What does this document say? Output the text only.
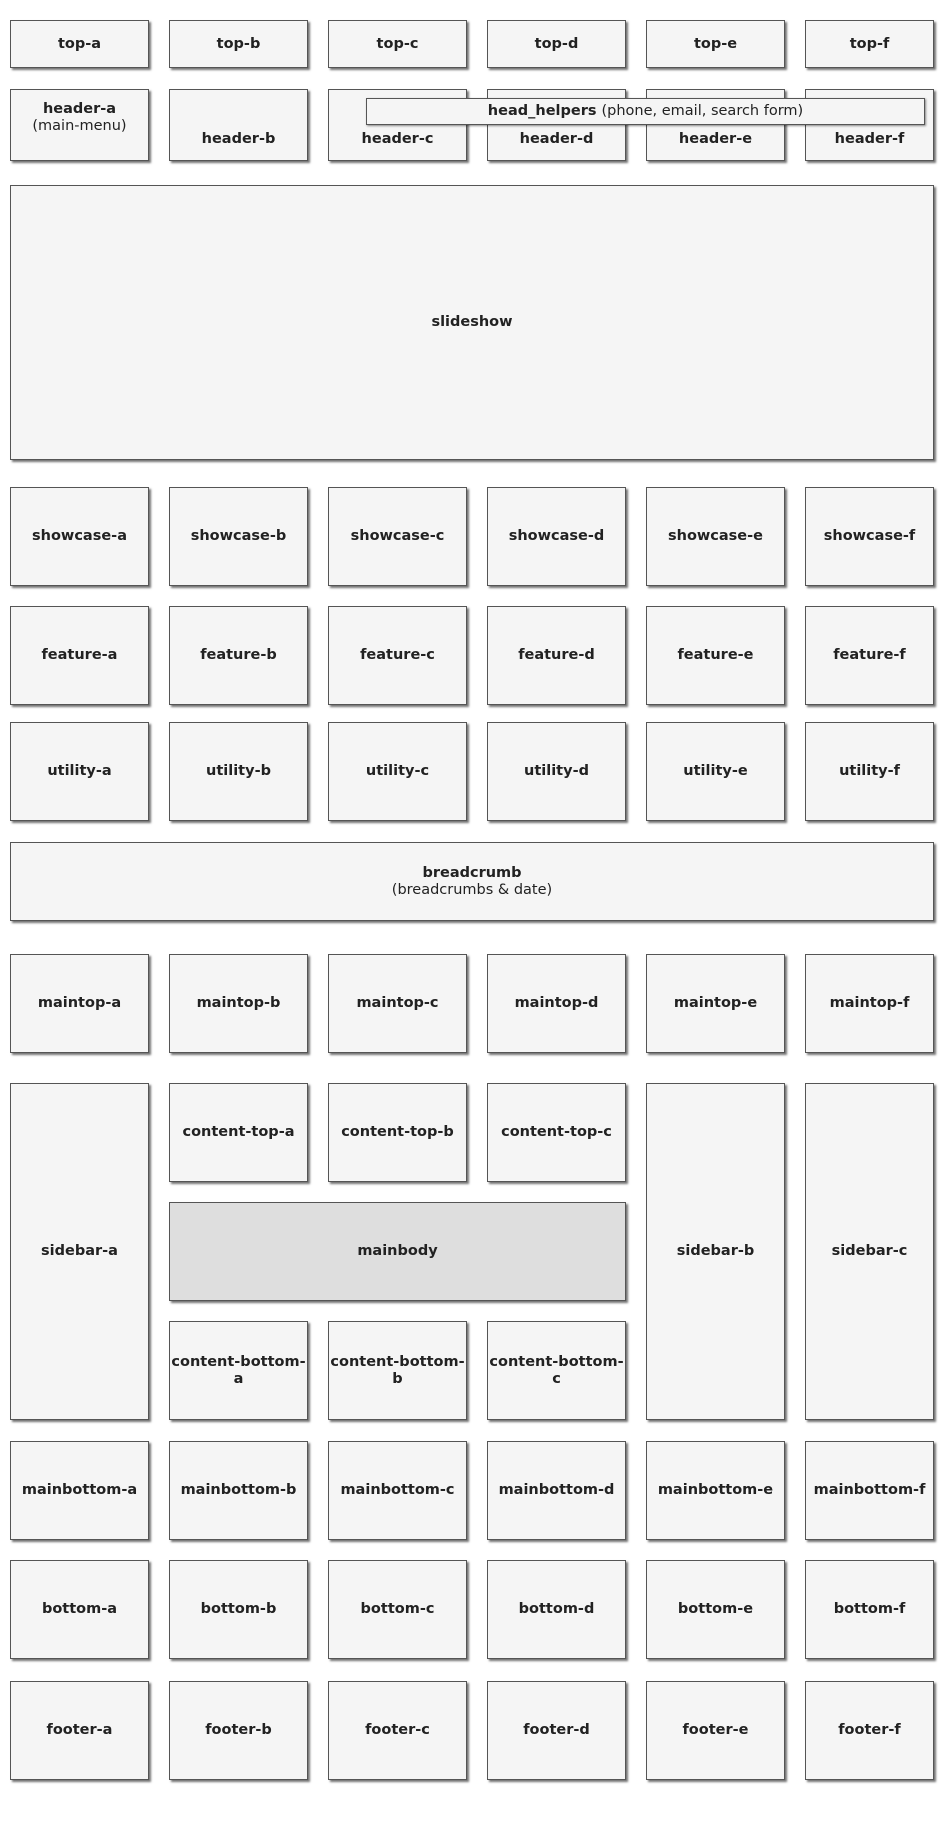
top-a	top-b	top-c	top-d	top-e	top-f
header-a
(main-menu)
header-b	header-c	header-d	header-e	header-f
head_helpers (phone, email, search form)
slideshow
showcase-a	showcase-b	showcase-c	showcase-d	showcase-e	showcase-f
feature-a	feature-b	feature-c	feature-d	feature-e	feature-f
utility-a	utility-b	utility-c	utility-d	utility-e	utility-f
breadcrumb
(breadcrumbs & date)
maintop-a	maintop-b	maintop-c	maintop-d	maintop-e	maintop-f
sidebar-a
content-top-a	content-top-b	content-top-c
mainbody
content-bottom-a
content-bottom-b
content-bottom-c
sidebar-b	sidebar-c
mainbottom-a	mainbottom-b	mainbottom-c	mainbottom-d	mainbottom-e	mainbottom-f
bottom-a	bottom-b	bottom-c	bottom-d	bottom-e	bottom-f
footer-a	footer-b	footer-c	footer-d	footer-e	footer-f
